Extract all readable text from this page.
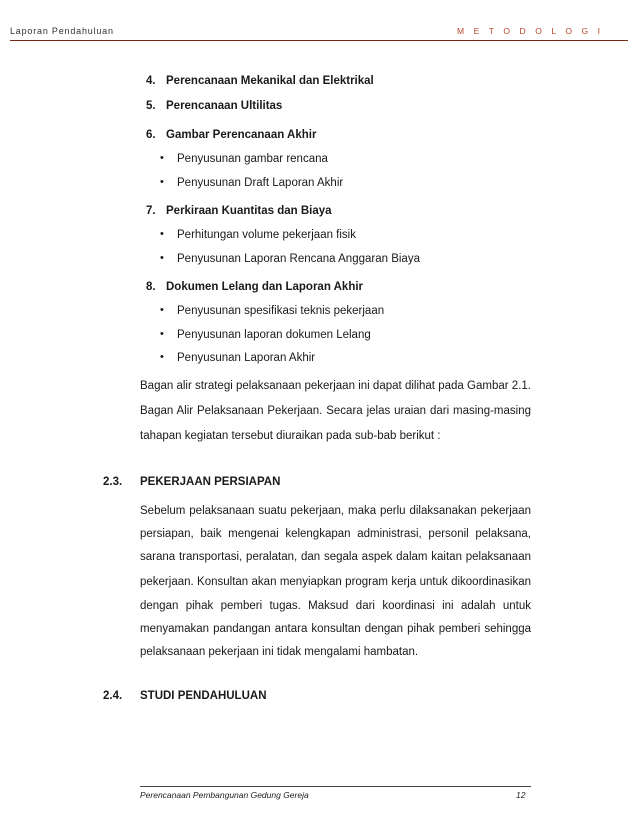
Laporan Pendahuluan	M E T O D O L O G I
4. Perencanaan Mekanikal dan Elektrikal
5. Perencanaan Ultilitas
6. Gambar Perencanaan Akhir
• Penyusunan gambar rencana
• Penyusunan Draft Laporan Akhir
7. Perkiraan Kuantitas dan Biaya
• Perhitungan volume pekerjaan fisik
• Penyusunan Laporan Rencana Anggaran Biaya
8. Dokumen Lelang dan Laporan Akhir
• Penyusunan spesifikasi teknis pekerjaan
• Penyusunan laporan dokumen Lelang
• Penyusunan Laporan Akhir
Bagan alir strategi pelaksanaan pekerjaan ini dapat dilihat pada Gambar 2.1.
Bagan Alir Pelaksanaan Pekerjaan. Secara jelas uraian dari masing-masing
tahapan kegiatan tersebut diuraikan pada sub-bab berikut :
2.3. PEKERJAAN PERSIAPAN
Sebelum pelaksanaan suatu pekerjaan, maka perlu dilaksanakan pekerjaan
persiapan, baik mengenai kelengkapan administrasi, personil pelaksana,
sarana transportasi, peralatan, dan segala aspek dalam kaitan pelaksanaan
pekerjaan. Konsultan akan menyiapkan program kerja untuk dikoordinasikan
dengan pihak pemberi tugas. Maksud dari koordinasi ini adalah untuk
menyamakan pandangan antara konsultan dengan pihak pemberi sehingga
pelaksanaan pekerjaan ini tidak mengalami hambatan.
2.4. STUDI PENDAHULUAN
Perencanaan Pembangunan Gedung Gereja	12
